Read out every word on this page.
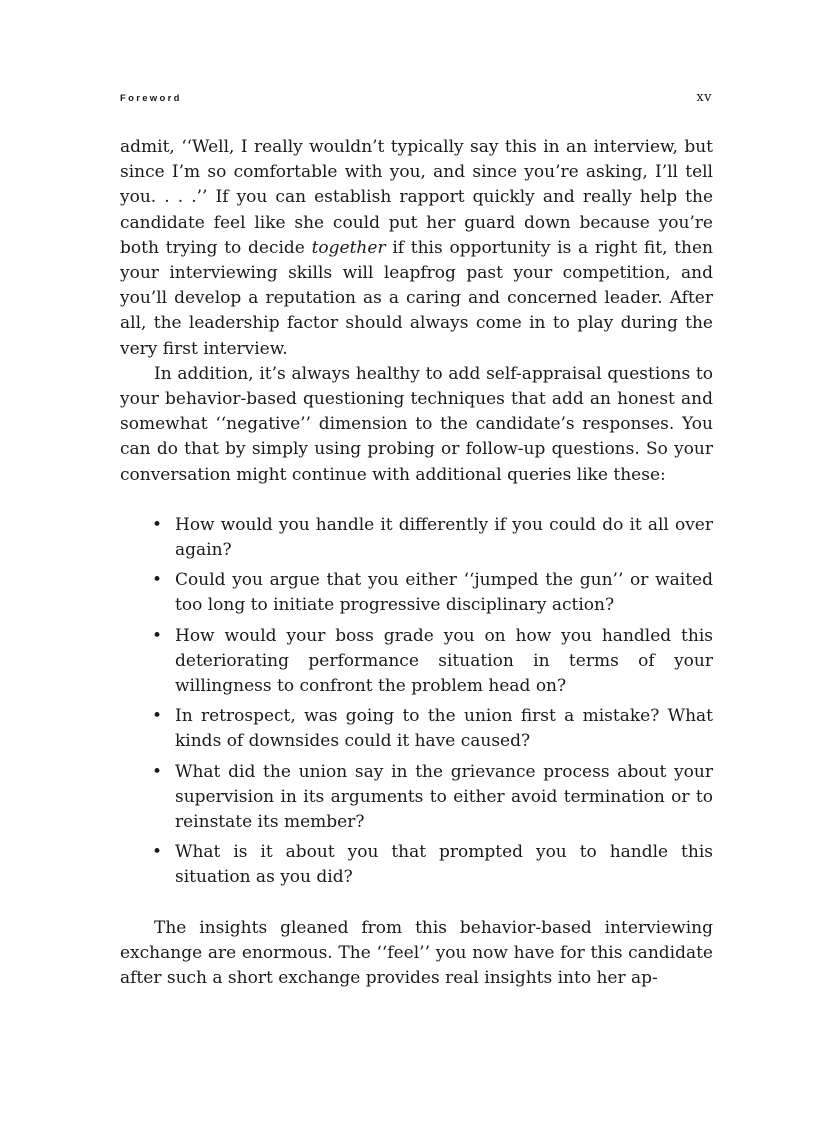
Foreword	xv

admit, ‘‘Well, I really wouldn’t typically say this in an interview, but since I’m so comfortable with you, and since you’re asking, I’ll tell you. . . .’’ If you can establish rapport quickly and really help the candidate feel like she could put her guard down because you’re both trying to decide together if this opportunity is a right fit, then your interviewing skills will leapfrog past your competition, and you’ll develop a reputation as a caring and concerned leader. After all, the leadership factor should always come in to play during the very first interview.

In addition, it’s always healthy to add self-appraisal questions to your behavior-based questioning techniques that add an honest and somewhat ‘‘negative’’ dimension to the candidate’s responses. You can do that by simply using probing or follow-up questions. So your conversation might continue with additional queries like these:

• How would you handle it differently if you could do it all over again?
• Could you argue that you either ‘‘jumped the gun’’ or waited too long to initiate progressive disciplinary action?
• How would your boss grade you on how you handled this deteriorating performance situation in terms of your willingness to confront the problem head on?
• In retrospect, was going to the union first a mistake? What kinds of downsides could it have caused?
• What did the union say in the grievance process about your supervision in its arguments to either avoid termination or to reinstate its member?
• What is it about you that prompted you to handle this situation as you did?

The insights gleaned from this behavior-based interviewing exchange are enormous. The ‘‘feel’’ you now have for this candidate after such a short exchange provides real insights into her ap-
